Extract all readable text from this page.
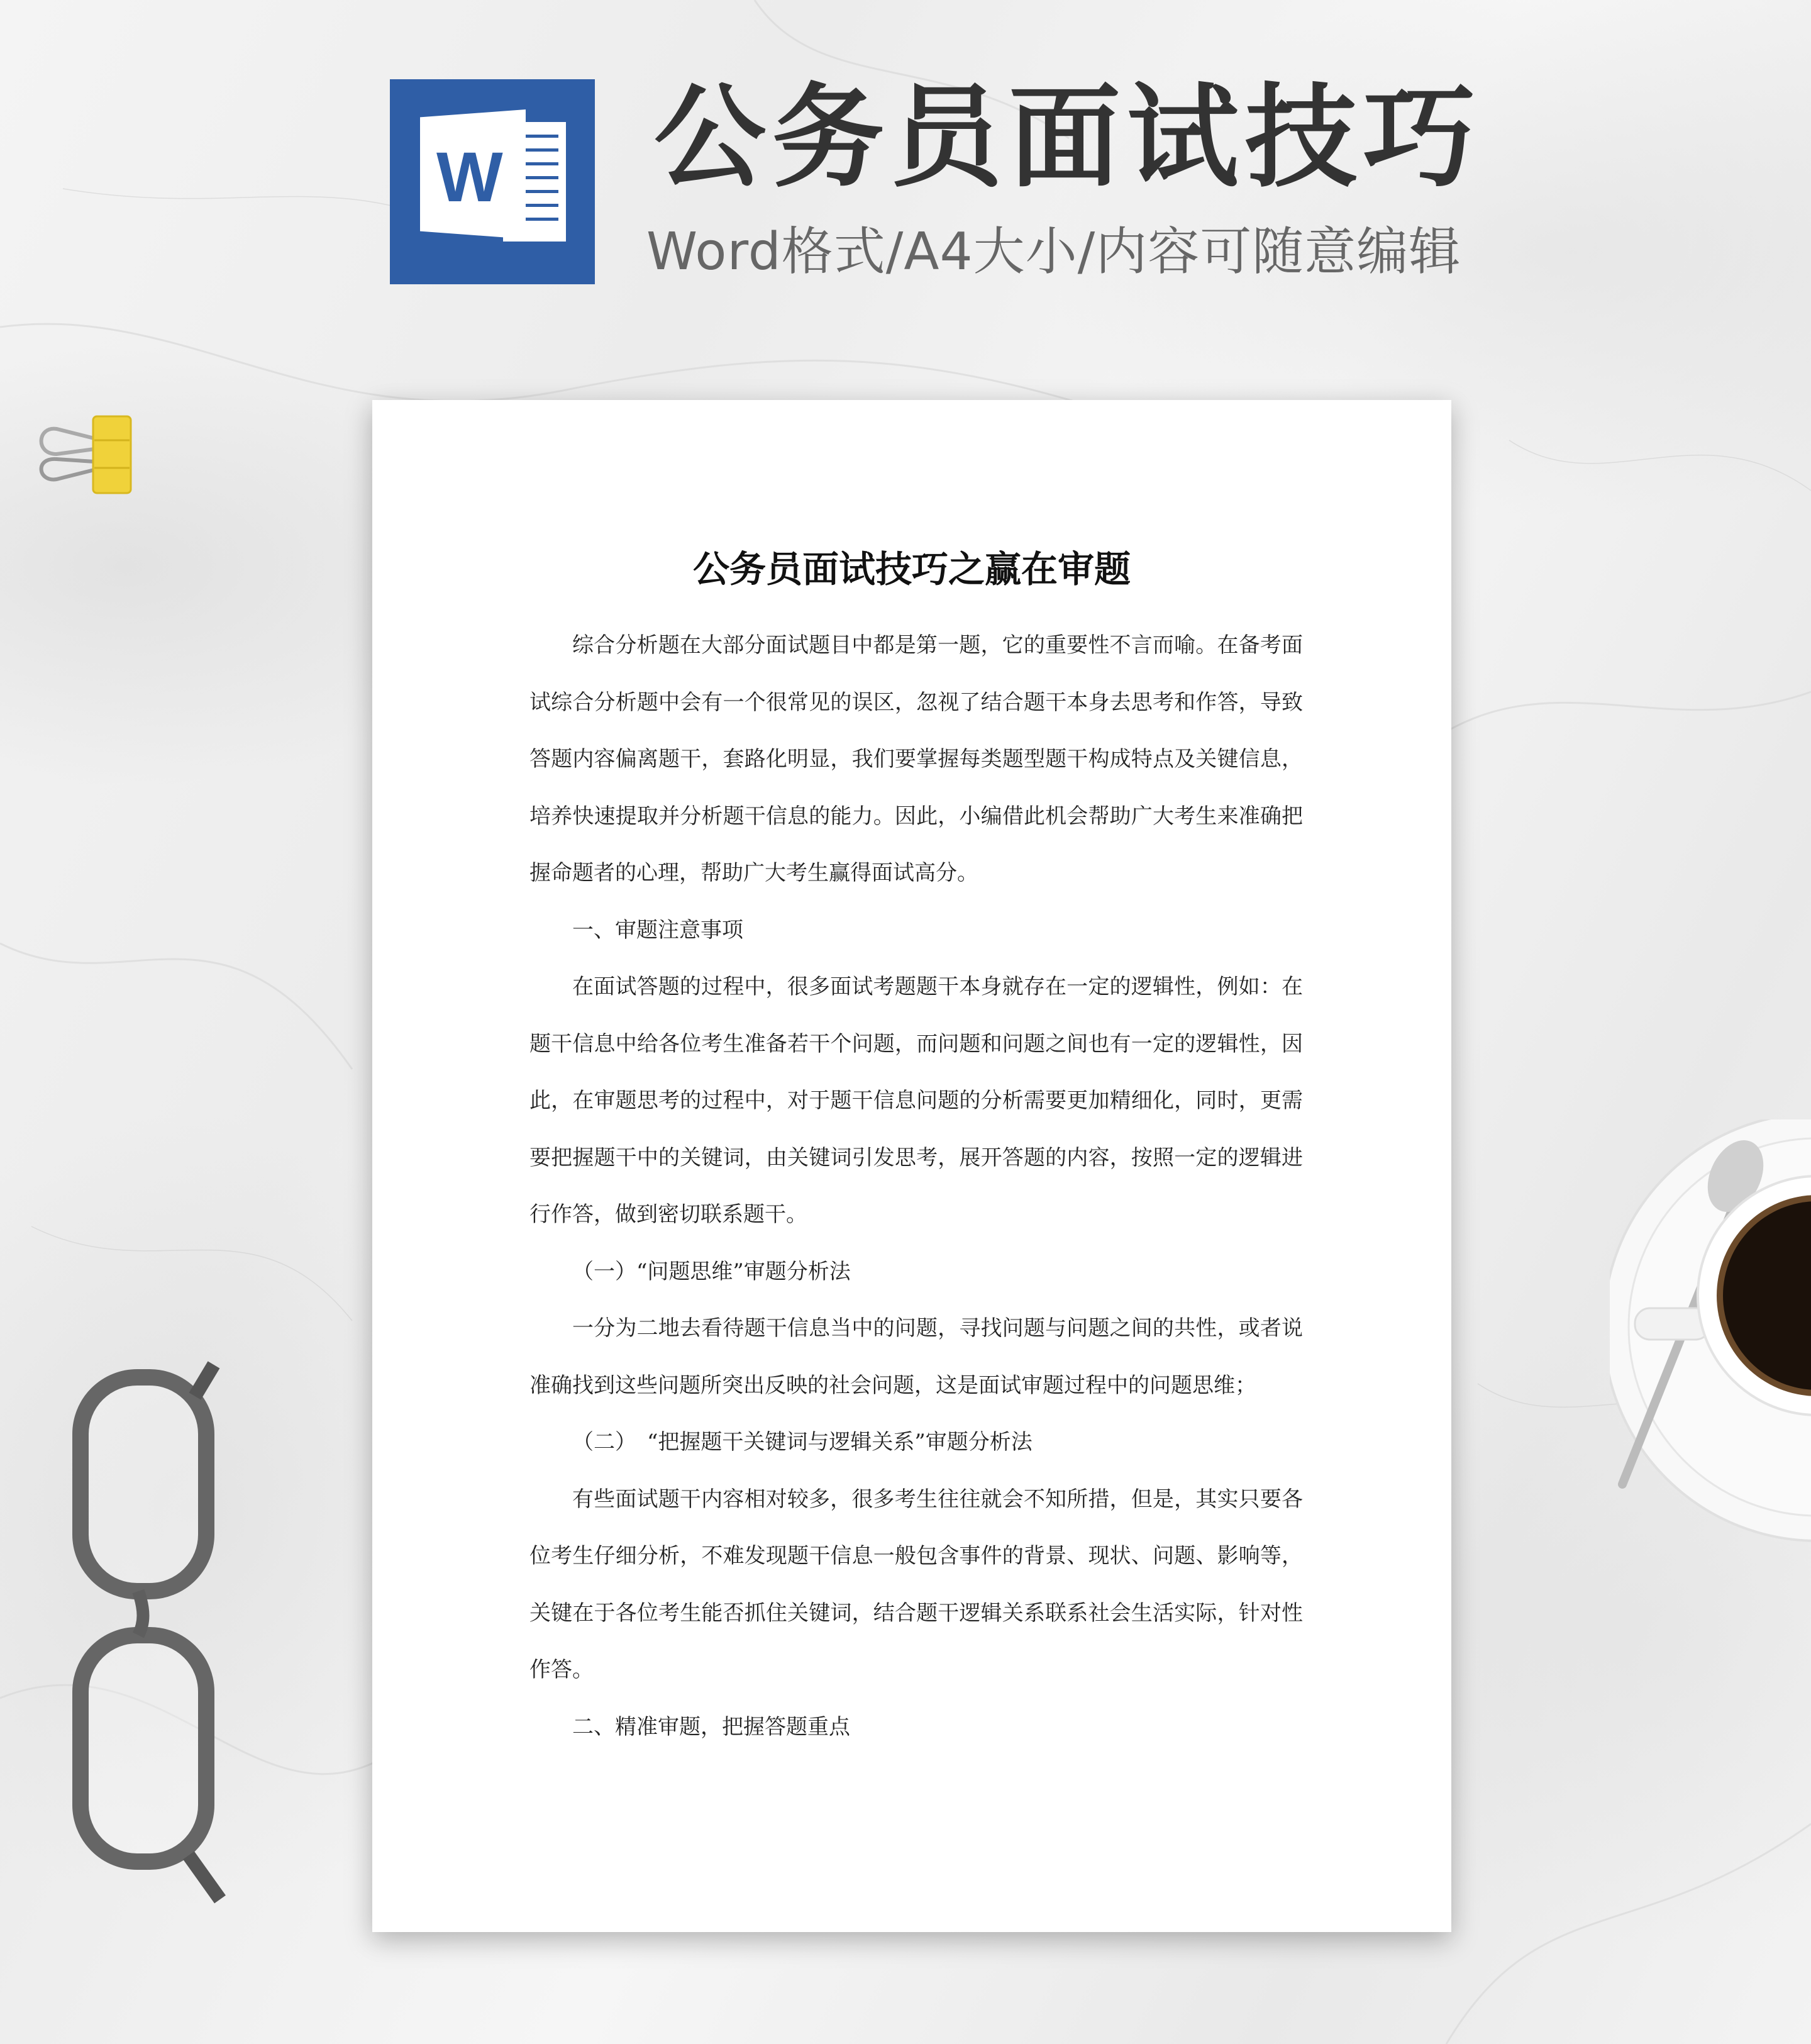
W 公务员面试技巧
Word格式/A4大小/内容可随意编辑
公务员面试技巧之赢在审题

综合分析题在大部分面试题目中都是第一题，它的重要性不言而喻。在备考面试综合分析题中会有一个很常见的误区，忽视了结合题干本身去思考和作答，导致答题内容偏离题干，套路化明显，我们要掌握每类题型题干构成特点及关键信息，培养快速提取并分析题干信息的能力。因此，小编借此机会帮助广大考生来准确把握命题者的心理，帮助广大考生赢得面试高分。

一、审题注意事项

在面试答题的过程中，很多面试考题题干本身就存在一定的逻辑性，例如：在题干信息中给各位考生准备若干个问题，而问题和问题之间也有一定的逻辑性，因此，在审题思考的过程中，对于题干信息问题的分析需要更加精细化，同时，更需要把握题干中的关键词，由关键词引发思考，展开答题的内容，按照一定的逻辑进行作答，做到密切联系题干。

（一）“问题思维”审题分析法

一分为二地去看待题干信息当中的问题，寻找问题与问题之间的共性，或者说准确找到这些问题所突出反映的社会问题，这是面试审题过程中的问题思维；

（二）　“把握题干关键词与逻辑关系”审题分析法

有些面试题干内容相对较多，很多考生往往就会不知所措，但是，其实只要各位考生仔细分析，不难发现题干信息一般包含事件的背景、现状、问题、影响等，关键在于各位考生能否抓住关键词，结合题干逻辑关系联系社会生活实际，针对性作答。

二、精准审题，把握答题重点
